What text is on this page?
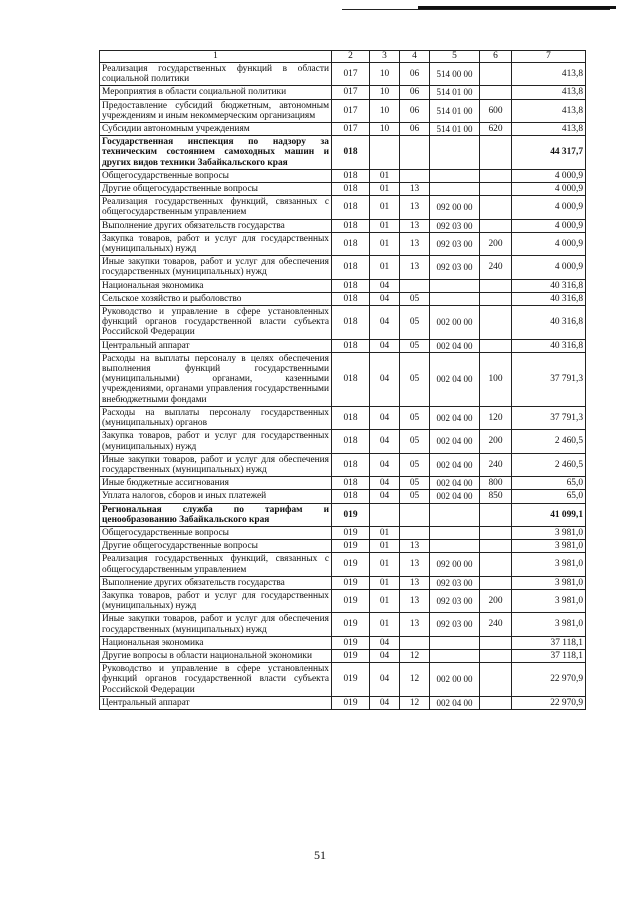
1	2	3	4	5	6	7
Реализация государственных функций в области социальной политики	017	10	06	514 00 00		413,8
Мероприятия в области социальной политики	017	10	06	514 01 00		413,8
Предоставление субсидий бюджетным, автономным учреждениям и иным некоммерческим организациям	017	10	06	514 01 00	600	413,8
Субсидии автономным учреждениям	017	10	06	514 01 00	620	413,8
Государственная инспекция по надзору за техническим состоянием самоходных машин и других видов техники Забайкальского края	018					44 317,7
Общегосударственные вопросы	018	01				4 000,9
Другие общегосударственные вопросы	018	01	13			4 000,9
Реализация государственных функций, связанных с общегосударственным управлением	018	01	13	092 00 00		4 000,9
Выполнение других обязательств государства	018	01	13	092 03 00		4 000,9
Закупка товаров, работ и услуг для государственных (муниципальных) нужд	018	01	13	092 03 00	200	4 000,9
Иные закупки товаров, работ и услуг для обеспечения государственных (муниципальных) нужд	018	01	13	092 03 00	240	4 000,9
Национальная экономика	018	04				40 316,8
Сельское хозяйство и рыболовство	018	04	05			40 316,8
Руководство и управление в сфере установленных функций органов государственной власти субъекта Российской Федерации	018	04	05	002 00 00		40 316,8
Центральный аппарат	018	04	05	002 04 00		40 316,8
Расходы на выплаты персоналу в целях обеспечения выполнения функций государственными (муниципальными) органами, казенными учреждениями, органами управления государственными внебюджетными фондами	018	04	05	002 04 00	100	37 791,3
Расходы на выплаты персоналу государственных (муниципальных) органов	018	04	05	002 04 00	120	37 791,3
Закупка товаров, работ и услуг для государственных (муниципальных) нужд	018	04	05	002 04 00	200	2 460,5
Иные закупки товаров, работ и услуг для обеспечения государственных (муниципальных) нужд	018	04	05	002 04 00	240	2 460,5
Иные бюджетные ассигнования	018	04	05	002 04 00	800	65,0
Уплата налогов, сборов и иных платежей	018	04	05	002 04 00	850	65,0
Региональная служба по тарифам и ценообразованию Забайкальского края	019					41 099,1
Общегосударственные вопросы	019	01				3 981,0
Другие общегосударственные вопросы	019	01	13			3 981,0
Реализация государственных функций, связанных с общегосударственным управлением	019	01	13	092 00 00		3 981,0
Выполнение других обязательств государства	019	01	13	092 03 00		3 981,0
Закупка товаров, работ и услуг для государственных (муниципальных) нужд	019	01	13	092 03 00	200	3 981,0
Иные закупки товаров, работ и услуг для обеспечения государственных (муниципальных) нужд	019	01	13	092 03 00	240	3 981,0
Национальная экономика	019	04				37 118,1
Другие вопросы в области национальной экономики	019	04	12			37 118,1
Руководство и управление в сфере установленных функций органов государственной власти субъекта Российской Федерации	019	04	12	002 00 00		22 970,9
Центральный аппарат	019	04	12	002 04 00		22 970,9
51
